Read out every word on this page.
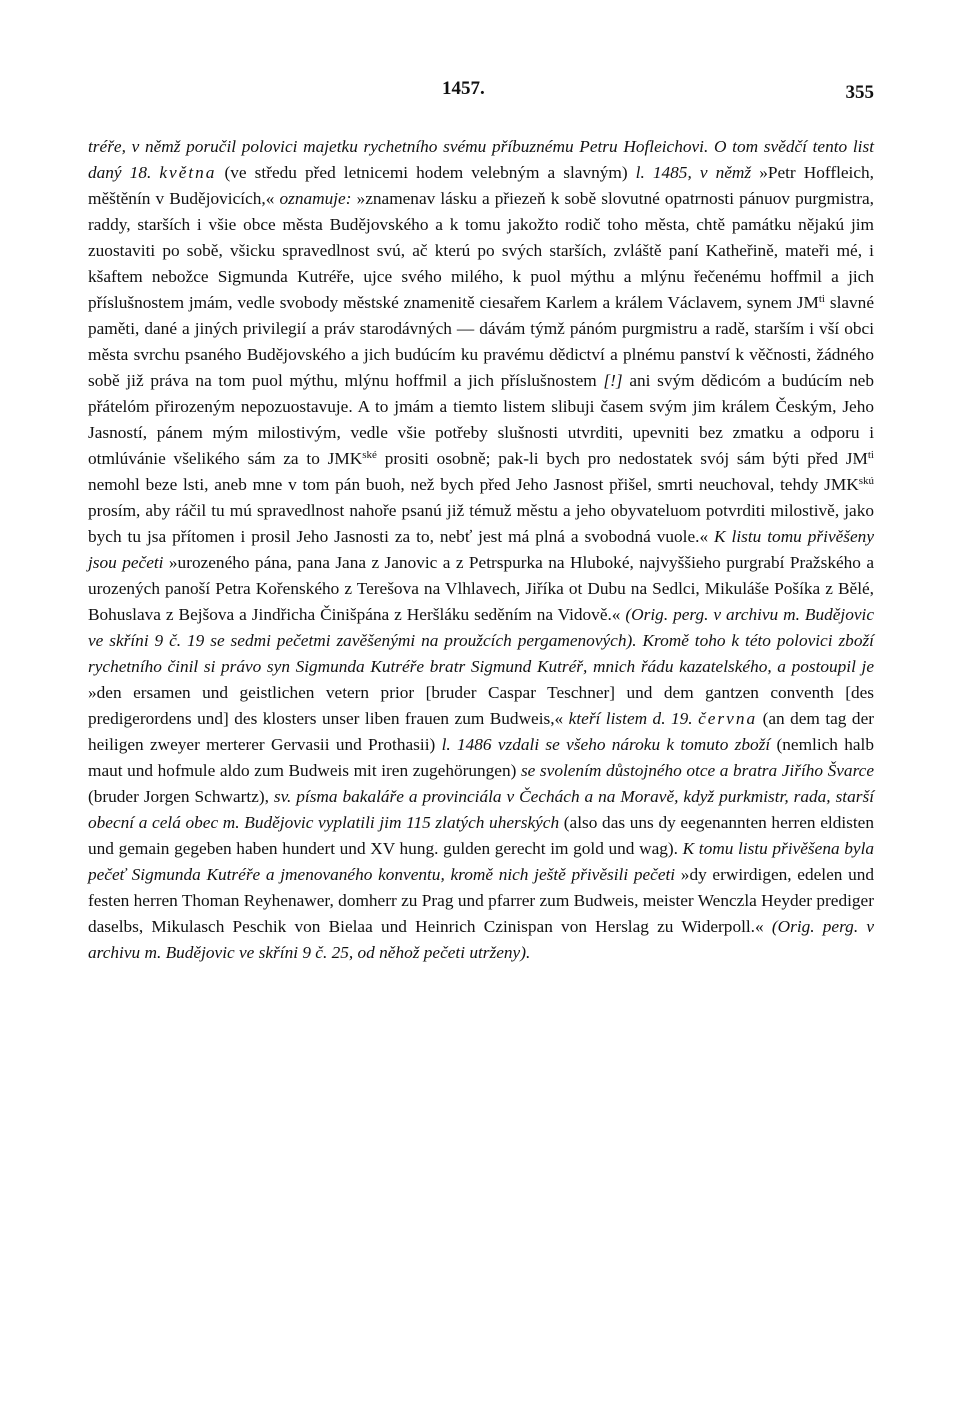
1457.	355

tréře, v němž poručil polovici majetku rychetního svému příbuznému Petru Hofleichovi. O tom svědčí tento list daný 18. května (ve středu před letnicemi hodem velebným a slavným) l. 1485, v němž »Petr Hoffleich, měštěnín v Budějovicích,« oznamuje: »znamenav lásku a přiezeň k sobě slovutné opatrnosti pánuov purgmistra, raddy, starších i všie obce města Budějovského a k tomu jakožto rodič toho města, chtě památku nějakú jim zuostaviti po sobě, všicku spravedlnost svú, ač kterú po svých starších, zvláště paní Katheřině, mateři mé, i kšaftem nebožce Sigmunda Kutréře, ujce svého milého, k puol mýthu a mlýnu řečenému hoffmil a jich příslušnostem jmám, vedle svobody městské znamenitě ciesařem Karlem a králem Václavem, synem $JM^{ti}$ slavné paměti, dané a jiných privilegií a práv starodávných — dávám týmž pánóm purgmistru a radě, starším i vší obci města svrchu psaného Budějovského a jich budúcím ku pravému dědictví a plnému panství k věčnosti, žádného sobě již práva na tom puol mýthu, mlýnu hoffmil a jich příslušnostem [!] ani svým dědicóm a budúcím neb přátelóm přirozeným nepozuostavuje. A to jmám a tiemto listem slibuji časem svým jim králem Českým, Jeho Jasností, pánem mým milostivým, vedle všie potřeby slušnosti utvrditi, upevniti bez zmatku a odporu i otmlúvánie všelikého sám za to $JMK^{ské}$ prositi osobně; pak-li bych pro nedostatek svój sám býti před $JM^{ti}$ nemohl beze lsti, aneb mne v tom pán buoh, než bych před Jeho Jasnost přišel, smrti neuchoval, tehdy $JMK^{skú}$ prosím, aby ráčil tu mú spravedlnost nahoře psanú již témuž městu a jeho obyvateluom potvrditi milostivě, jako bych tu jsa přítomen i prosil Jeho Jasnosti za to, nebť jest má plná a svobodná vuole.« K listu tomu přivěšeny jsou pečeti »urozeného pána, pana Jana z Janovic a z Petrspurka na Hluboké, najvyššieho purgrabí Pražského a urozených panoší Petra Kořenského z Terešova na Vlhlavech, Jiříka ot Dubu na Sedlci, Mikuláše Pošíka z Bělé, Bohuslava z Bejšova a Jindřicha Činišpána z Heršláku seděním na Vidově.« (Orig. perg. v archivu m. Budějovic ve skříni 9 č. 19 se sedmi pečetmi zavěšenými na proužcích pergamenových). Kromě toho k této polovici zboží rychetního činil si právo syn Sigmunda Kutréře bratr Sigmund Kutréř, mnich řádu kazatelského, a postoupil je »den ersamen und geistlichen vetern prior [bruder Caspar Teschner] und dem gantzen conventh [des predigerordens und] des klosters unser liben frauen zum Budweis,« kteří listem d. 19. června (an dem tag der heiligen zweyer merterer Gervasii und Prothasii) l. 1486 vzdali se všeho nároku k tomuto zboží (nemlich halb maut und hofmule aldo zum Budweis mit iren zugehörungen) se svolením důstojného otce a bratra Jiřího Švarce (bruder Jorgen Schwartz), sv. písma bakaláře a provinciála v Čechách a na Moravě, když purkmistr, rada, starší obecní a celá obec m. Budějovic vyplatili jim 115 zlatých uherských (also das uns dy eegenannten herren eldisten und gemain gegeben haben hundert und XV hung. gulden gerecht im gold und wag). K tomu listu přivěšena byla pečeť Sigmunda Kutréře a jmenovaného konventu, kromě nich ještě přivěsili pečeti »dy erwirdigen, edelen und festen herren Thoman Reyhenawer, domherr zu Prag und pfarrer zum Budweis, meister Wenczla Heyder prediger daselbs, Mikulasch Peschik von Bielaa und Heinrich Czinispan von Herslag zu Widerpoll.« (Orig. perg. v archivu m. Budějovic ve skříni 9 č. 25, od něhož pečeti utrženy).
